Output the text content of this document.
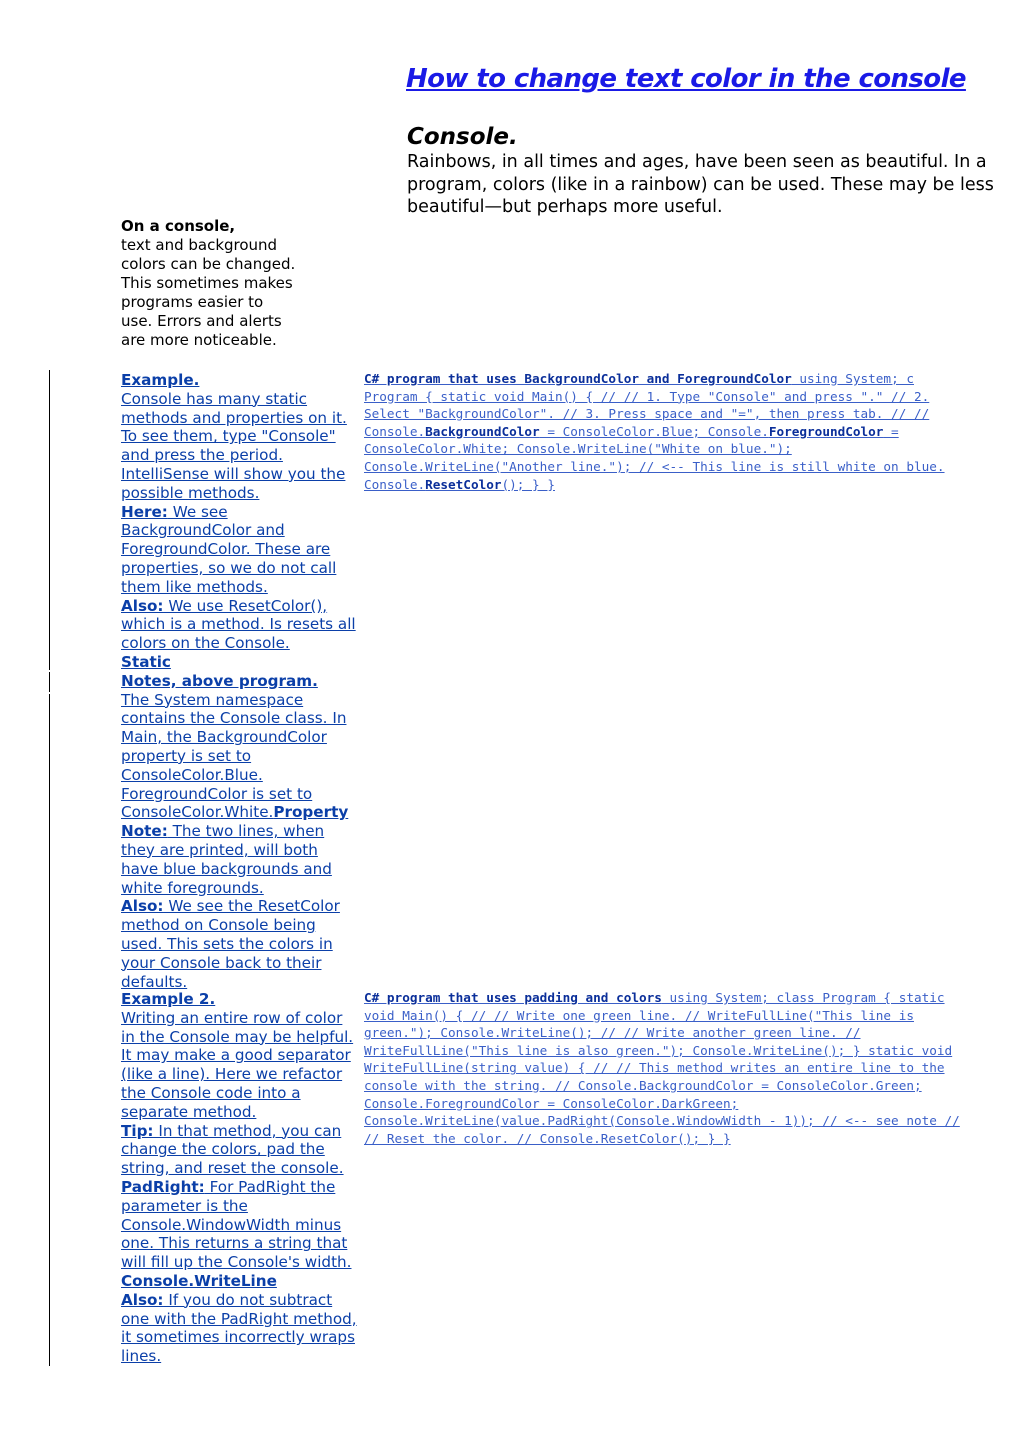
How to change text color in the console
Console.
Rainbows, in all times and ages, have been seen as beautiful. In a
program, colors (like in a rainbow) can be used. These may be less
beautiful—but perhaps more useful.
On a console,
text and background
colors can be changed.
This sometimes makes
programs easier to
use. Errors and alerts
are more noticeable.
Example.
Console has many static
methods and properties on it.
To see them, type "Console"
and press the period.
IntelliSense will show you the
possible methods.
Here: We see
BackgroundColor and
ForegroundColor. These are
properties, so we do not call
them like methods.
Also: We use ResetColor(),
which is a method. Is resets all
colors on the Console.
Static
Notes, above program.
The System namespace
contains the Console class. In
Main, the BackgroundColor
property is set to
ConsoleColor.Blue.
ForegroundColor is set to
ConsoleColor.White.Property
Note: The two lines, when
they are printed, will both
have blue backgrounds and
white foregrounds.
Also: We see the ResetColor
method on Console being
used. This sets the colors in
your Console back to their
defaults.
C# program that uses BackgroundColor and ForegroundColor using System; c
Program { static void Main() { // // 1. Type "Console" and press "." // 2.
Select "BackgroundColor". // 3. Press space and "=", then press tab. // //
Console.BackgroundColor = ConsoleColor.Blue; Console.ForegroundColor =
ConsoleColor.White; Console.WriteLine("White on blue.");
Console.WriteLine("Another line."); // <-- This line is still white on blue.
Console.ResetColor(); } }
Example 2.
Writing an entire row of color
in the Console may be helpful.
It may make a good separator
(like a line). Here we refactor
the Console code into a
separate method.
Tip: In that method, you can
change the colors, pad the
string, and reset the console.
PadRight: For PadRight the
parameter is the
Console.WindowWidth minus
one. This returns a string that
will fill up the Console's width.
Console.WriteLine
Also: If you do not subtract
one with the PadRight method,
it sometimes incorrectly wraps
lines.
C# program that uses padding and colors using System; class Program { static
void Main() { // // Write one green line. // WriteFullLine("This line is
green."); Console.WriteLine(); // // Write another green line. //
WriteFullLine("This line is also green."); Console.WriteLine(); } static void
WriteFullLine(string value) { // // This method writes an entire line to the
console with the string. // Console.BackgroundColor = ConsoleColor.Green;
Console.ForegroundColor = ConsoleColor.DarkGreen;
Console.WriteLine(value.PadRight(Console.WindowWidth - 1)); // <-- see note //
// Reset the color. // Console.ResetColor(); } }
